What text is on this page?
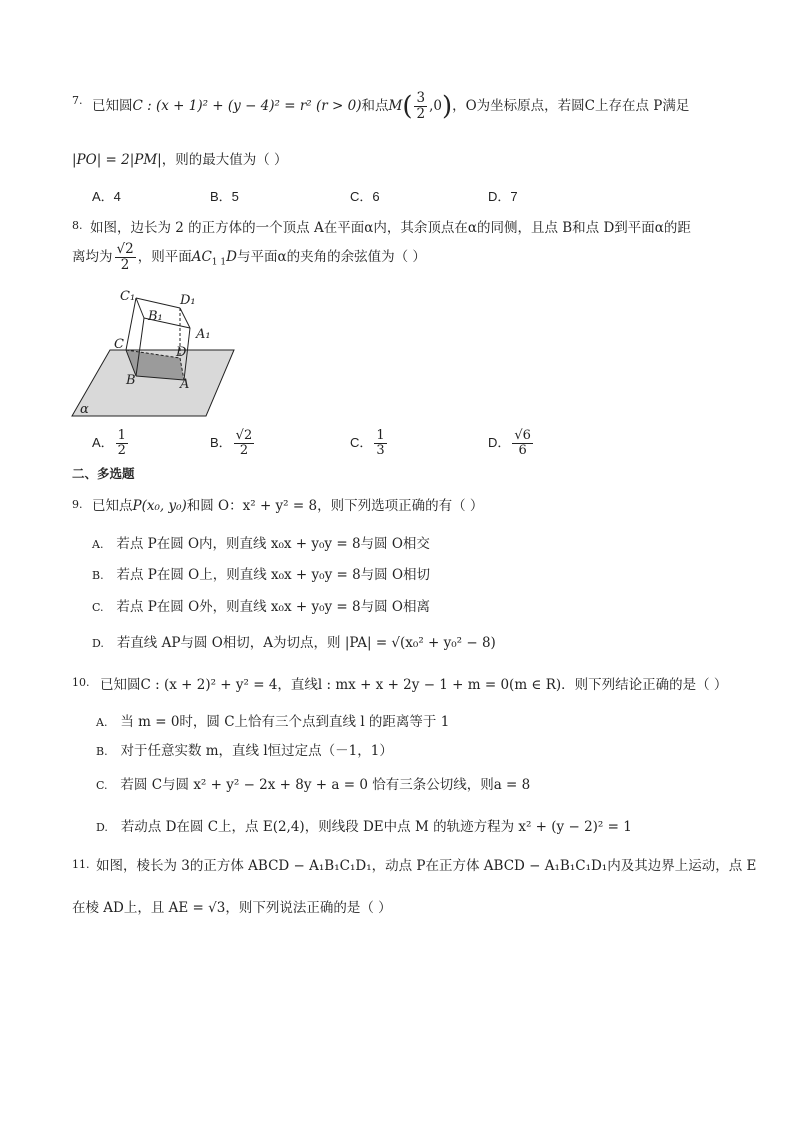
7. 已知圆C : (x + 1)² + (y − 4)² = r² (r > 0)和点$M( \frac{3}{2} ,0)$，O为坐标原点，若圆C上存在点 P满足
|PO| = 2|PM|，则的最大值为（ ）
A．4	B．5	C．6	D．7
8. 如图，边长为 2 的正方体的一个顶点 A在平面α内，其余顶点在α的同侧，且点 B和点 D到平面α的距
离均为 $\frac{√2}{2}$ ，则平面$AC_{1 1}D$与平面α的夹角的余弦值为（ ）
C₁	D₁
B₁
A₁
C
D
B	A
α
A． $\frac{1}{2}$	B． $\frac{√2}{2}$	C． $\frac{1}{3}$	D． $\frac{√6}{6}$
二、多选题
9. 已知点P(x₀, y₀)和圆 O：x² + y² = 8，则下列选项正确的有（ ）
A. 若点 P在圆 O内，则直线 x₀x + y₀y = 8与圆 O相交
B. 若点 P在圆 O上，则直线 x₀x + y₀y = 8与圆 O相切
C. 若点 P在圆 O外，则直线 x₀x + y₀y = 8与圆 O相离
D. 若直线 AP与圆 O相切，A为切点，则 |PA| = √(x₀² + y₀² − 8)
10. 已知圆C : (x + 2)² + y² = 4，直线l : mx + x + 2y − 1 + m = 0(m ∈ R)．则下列结论正确的是（ ）
A. 当 m = 0时，圆 C上恰有三个点到直线 l 的距离等于 1
B. 对于任意实数 m，直线 l恒过定点（－1，1）
C. 若圆 C与圆 x² + y² − 2x + 8y + a = 0 恰有三条公切线，则a = 8
D. 若动点 D在圆 C上，点 E(2,4)，则线段 DE中点 M 的轨迹方程为 x² + (y − 2)² = 1
11. 如图，棱长为 3的正方体 ABCD − A₁B₁C₁D₁，动点 P在正方体 ABCD − A₁B₁C₁D₁内及其边界上运动，点 E
在棱 AD上，且 AE = √3，则下列说法正确的是（ ）
